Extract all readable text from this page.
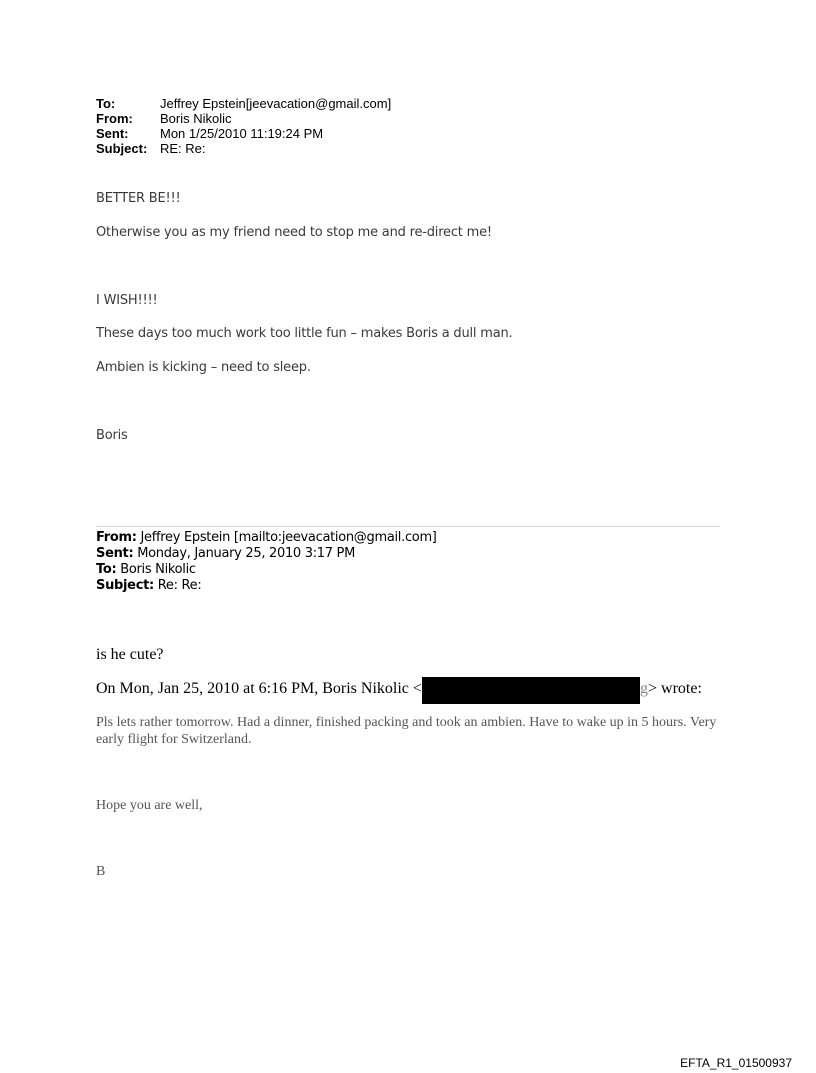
To:	Jeffrey Epstein[jeevacation@gmail.com]
From:	Boris Nikolic
Sent:	Mon 1/25/2010 11:19:24 PM
Subject: RE: Re:
BETTER BE!!!
Otherwise you as my friend need to stop me and re-direct me!
I WISH!!!!
These days too much work too little fun – makes Boris a dull man.
Ambien is kicking – need to sleep.
Boris
From: Jeffrey Epstein [mailto:jeevacation@gmail.com]
Sent: Monday, January 25, 2010 3:17 PM
To: Boris Nikolic
Subject: Re: Re:
is he cute?
On Mon, Jan 25, 2010 at 6:16 PM, Boris Nikolic <	g> wrote:
Pls lets rather tomorrow. Had a dinner, finished packing and took an ambien. Have to wake up in 5 hours. Very early flight for Switzerland.
Hope you are well,
B
EFTA_R1_01500937
